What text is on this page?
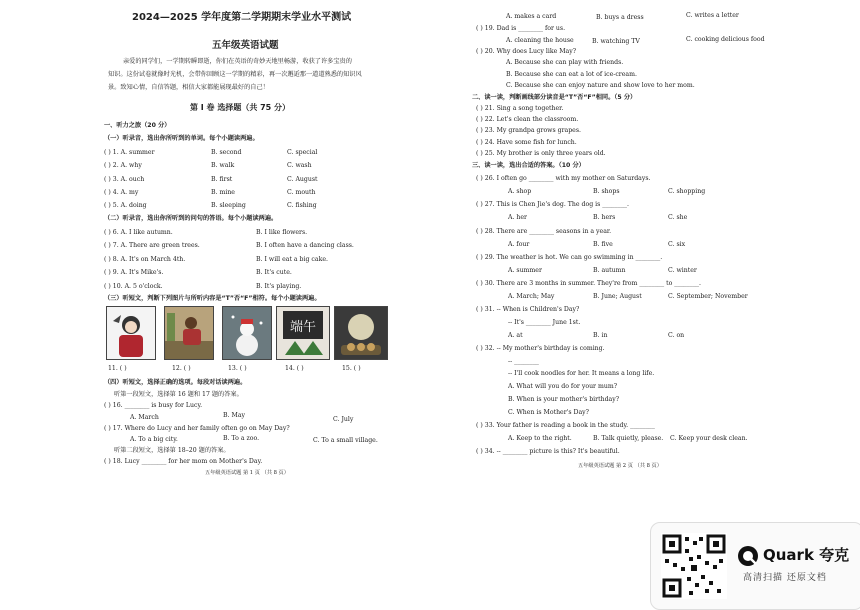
2024—2025 学年度第二学期期末学业水平测试
五年级英语试题
亲爱的同学们，一学期转瞬即逝，你们在英语的奇妙天地里畅游，收获了许多宝贵的
知识。这份试卷就像时光机，会带你回顾这一学期的精彩，再一次邂逅那一道道熟悉的知识风
景。致知心情，自信答题，相信大家都能展现最好的自己！
第 Ⅰ 卷 选择题（共 75 分）
一、听力之旅（20 分）
（一）听录音，选出你所听到的单词。每个小题读两遍。
( ) 1. A. summer	B. second	C. special
( ) 2. A. why	B. walk	C. wash
( ) 3. A. ouch	B. first	C. August
( ) 4. A. my	B. mine	C. mouth
( ) 5. A. doing	B. sleeping	C. fishing
（二）听录音，选出你所听到的问句的答语。每个小题读两遍。
( ) 6. A. I like autumn.	B. I like flowers.
( ) 7. A. There are green trees.	B. I often have a dancing class.
( ) 8. A. It's on March 4th.	B. I will eat a big cake.
( ) 9. A. It's Mike's.	B. It's cute.
( ) 10. A. 5 o'clock.	B. It's playing.
（三）听短文，判断下列图片与所听内容是“T”否“F”相符。每个小题读两遍。
端午
11. ( )	12. ( )	13. ( )	14. ( )	15. ( )
（四）听短文，选择正确的选项。每段对话读两遍。
听第一段短文，选择第 16 题和 17 题的答案。
( ) 16. ________ is busy for Lucy.
A. March	B. May
C. July
( ) 17. Where do Lucy and her family often go on May Day?
A. To a big city.	B. To a zoo.	C. To a small village.
听第二段短文，选择第 18–20 题的答案。
( ) 18. Lucy ________ for her mom on Mother's Day.
五年级英语试题 第 1 页 （共 8 页）
A. makes a card	B. buys a dress	C. writes a letter
( ) 19. Dad is ________ for us.
A. cleaning the house	B. watching TV	C. cooking delicious food
( ) 20. Why does Lucy like May?
A. Because she can play with friends.
B. Because she can eat a lot of ice-cream.
C. Because she can enjoy nature and show love to her mom.
二、读一读，判断画线部分读音是“T”否“F”相同。（5 分）
( ) 21. Sing a song together.
( ) 22. Let's clean the classroom.
( ) 23. My grandpa grows grapes.
( ) 24. Have some fish for lunch.
( ) 25. My brother is only three years old.
三、读一读，选出合适的答案。（10 分）
( ) 26. I often go ________ with my mother on Saturdays.
A. shop	B. shops	C. shopping
( ) 27. This is Chen Jie's dog. The dog is ________.
A. her	B. hers	C. she
( ) 28. There are ________ seasons in a year.
A. four	B. five	C. six
( ) 29. The weather is hot. We can go swimming in ________.
A. summer	B. autumn	C. winter
( ) 30. There are 3 months in summer. They're from ________ to ________.
A. March; May	B. June; August	C. September; November
( ) 31. -- When is Children's Day?
-- It's ________ June 1st.
A. at	B. in	C. on
( ) 32. -- My mother's birthday is coming.
-- ________
-- I'll cook noodles for her. It means a long life.
A. What will you do for your mum?
B. When is your mother's birthday?
C. When is Mother's Day?
( ) 33. Your father is reading a book in the study. ________
A. Keep to the right.	B. Talk quietly, please. C. Keep your desk clean.
( ) 34. -- ________ picture is this? It's beautiful.
五年级英语试题 第 2 页 （共 8 页）
Quark 夸克
高清扫描 还原文档
